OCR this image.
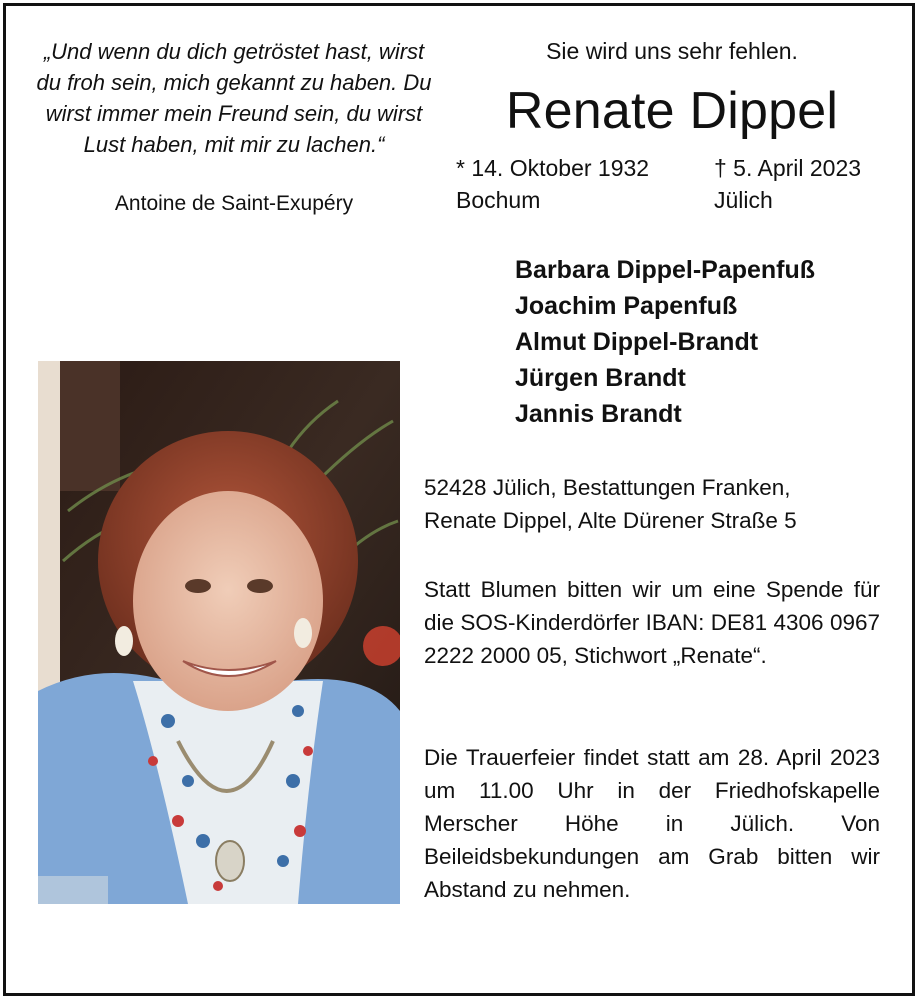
„Und wenn du dich getröstet hast, wirst du froh sein, mich gekannt zu haben. Du wirst immer mein Freund sein, du wirst Lust haben, mit mir zu lachen.“
Antoine de Saint-Exupéry
Sie wird uns sehr fehlen.
Renate Dippel
* 14. Oktober 1932
Bochum
† 5. April 2023
Jülich
Barbara Dippel-Papenfuß
Joachim Papenfuß
Almut Dippel-Brandt
Jürgen Brandt
Jannis Brandt
52428 Jülich, Bestattungen Franken,
Renate Dippel, Alte Dürener Straße 5
Statt Blumen bitten wir um eine Spende für die SOS-Kinderdörfer IBAN: DE81 4306 0967 2222 2000 05, Stichwort „Renate“.
Die Trauerfeier findet statt am 28. April 2023 um 11.00 Uhr in der Friedhofskapelle Merscher Höhe in Jülich. Von Beileidsbekundungen am Grab bitten wir Abstand zu nehmen.
